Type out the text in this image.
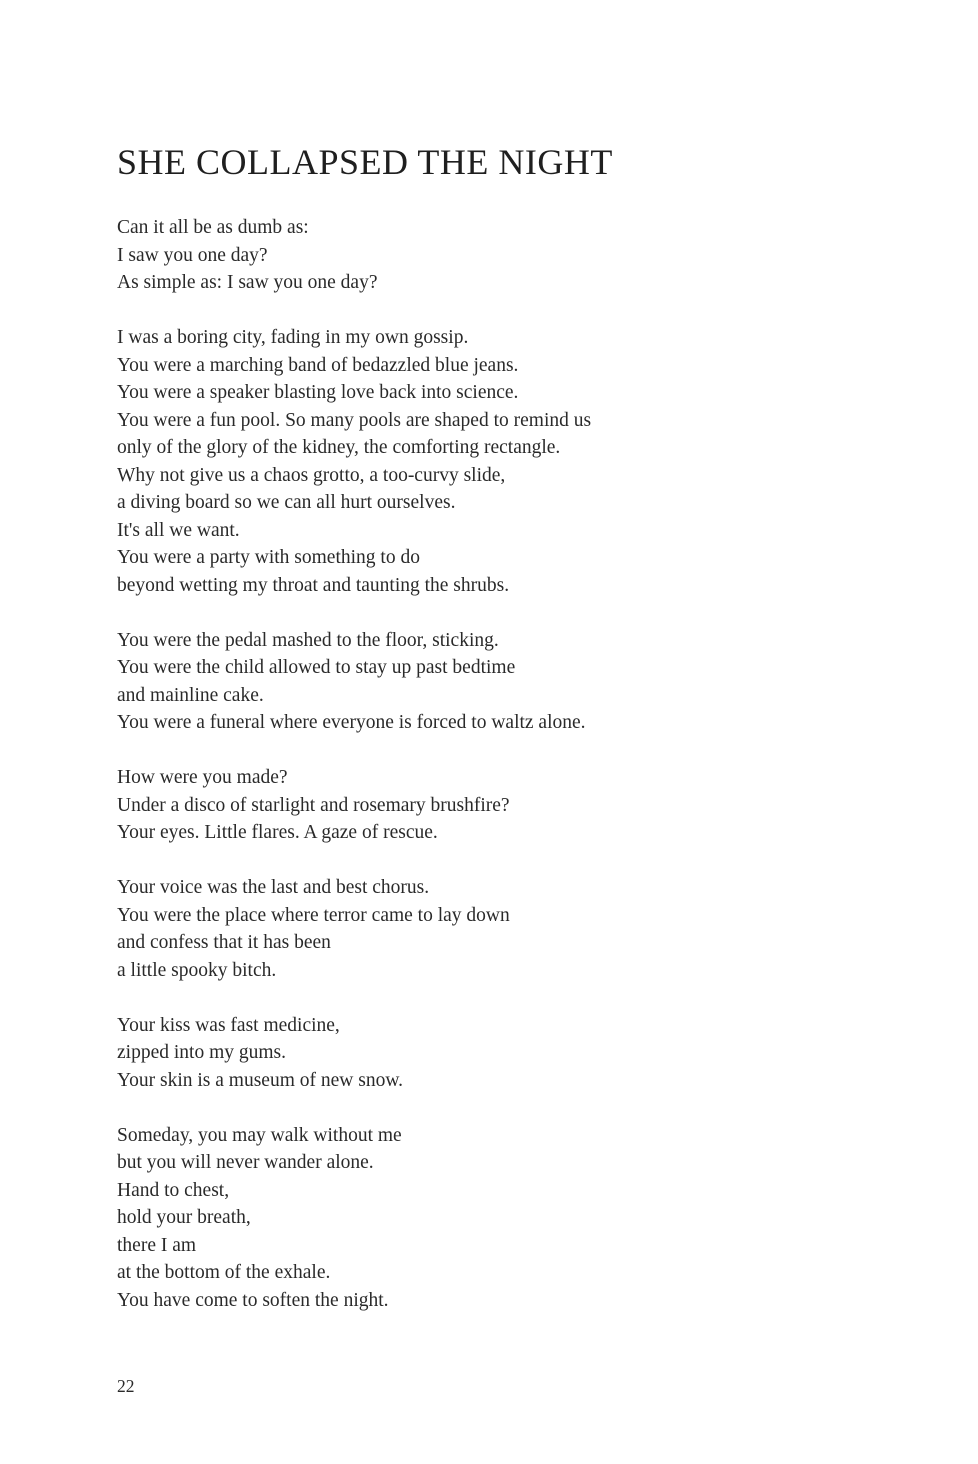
SHE COLLAPSED THE NIGHT
Can it all be as dumb as:
I saw you one day?
As simple as: I saw you one day?
I was a boring city, fading in my own gossip.
You were a marching band of bedazzled blue jeans.
You were a speaker blasting love back into science.
You were a fun pool. So many pools are shaped to remind us
only of the glory of the kidney, the comforting rectangle.
Why not give us a chaos grotto, a too-curvy slide,
a diving board so we can all hurt ourselves.
It's all we want.
You were a party with something to do
beyond wetting my throat and taunting the shrubs.
You were the pedal mashed to the floor, sticking.
You were the child allowed to stay up past bedtime
and mainline cake.
You were a funeral where everyone is forced to waltz alone.
How were you made?
Under a disco of starlight and rosemary brushfire?
Your eyes. Little flares. A gaze of rescue.
Your voice was the last and best chorus.
You were the place where terror came to lay down
and confess that it has been
a little spooky bitch.
Your kiss was fast medicine,
zipped into my gums.
Your skin is a museum of new snow.
Someday, you may walk without me
but you will never wander alone.
Hand to chest,
hold your breath,
there I am
at the bottom of the exhale.
You have come to soften the night.
22
